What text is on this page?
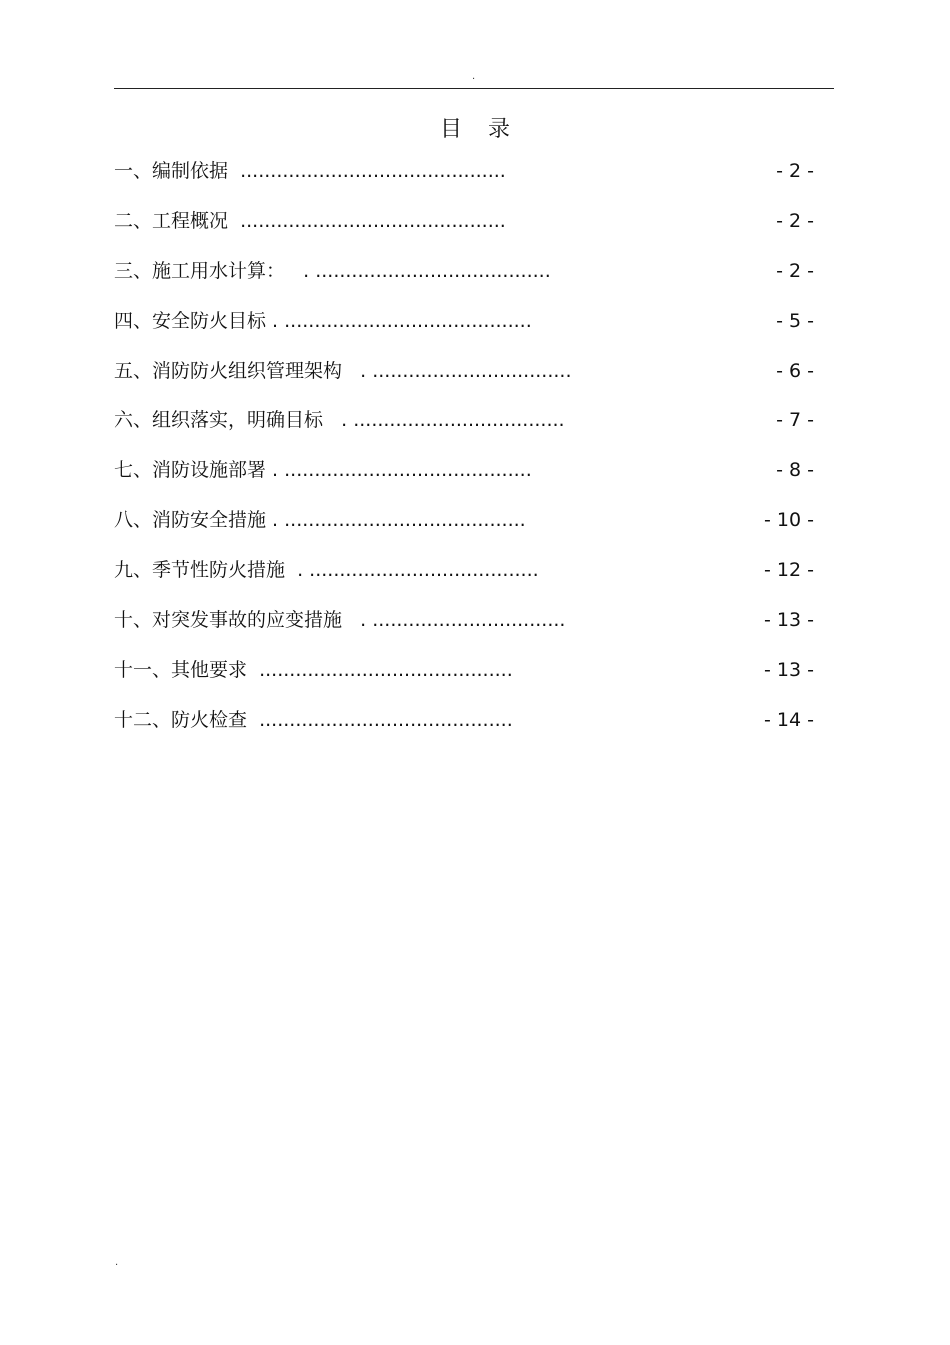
.
目录
一、编制依据  ............................................	- 2 -
二、工程概况  ............................................	- 2 -
三、施工用水计算：   . .......................................	- 2 -
四、安全防火目标 . .........................................	- 5 -
五、消防防火组织管理架构   . .................................	- 6 -
六、组织落实，明确目标   . ...................................	- 7 -
七、消防设施部署 . .........................................	- 8 -
八、消防安全措施 . ........................................	- 10 -
九、季节性防火措施  . ......................................	- 12 -
十、对突发事故的应变措施   . ................................	- 13 -
十一、其他要求  ..........................................	- 13 -
十二、防火检查  ..........................................	- 14 -
.
